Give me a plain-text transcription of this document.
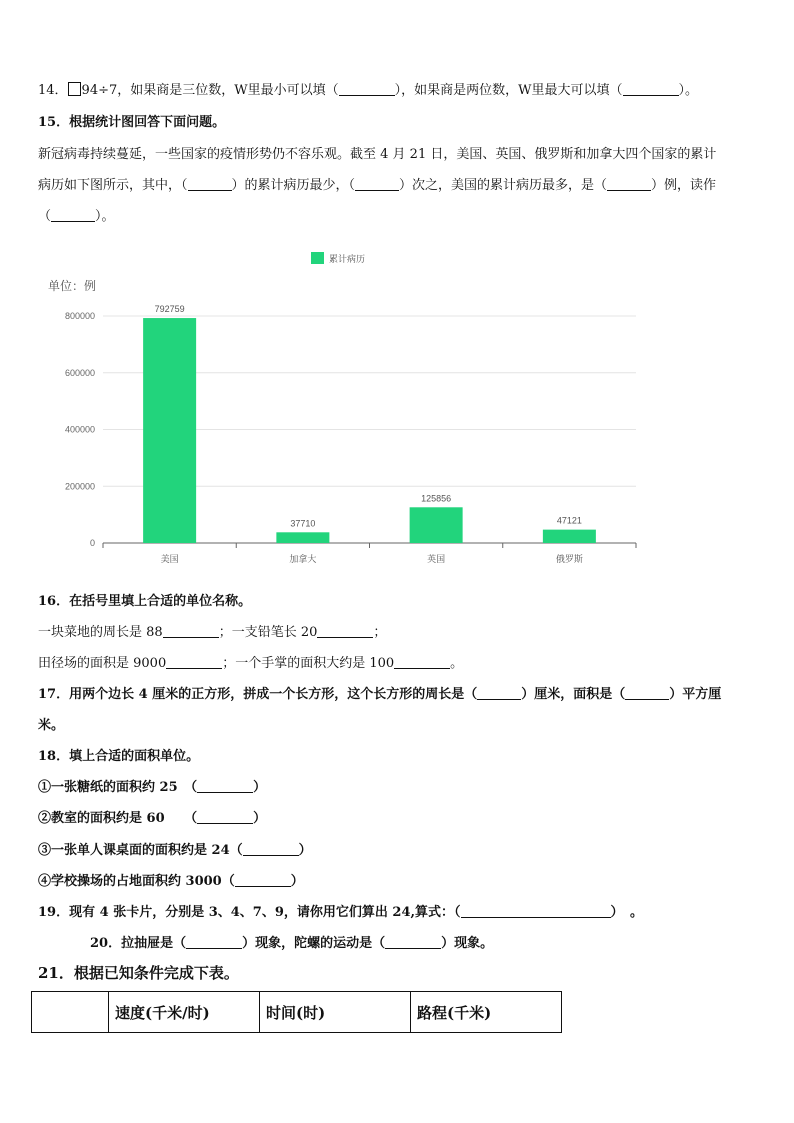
14． 94÷7，如果商是三位数，W里最小可以填（	），如果商是两位数，W里最大可以填（	）。
15．根据统计图回答下面问题。
新冠病毒持续蔓延，一些国家的疫情形势仍不容乐观。截至 4 月 21 日，美国、英国、俄罗斯和加拿大四个国家的累计
病历如下图所示，其中，（	）的累计病历最少，（	）次之，美国的累计病历最多，是（	）例，读作
（	）。
累计病历
单位：例
0
200000
400000
600000
800000
792759
美国
37710
加拿大
125856
英国
47121
俄罗斯
16．在括号里填上合适的单位名称。
一块菜地的周长是 88	；一支铅笔长 20	；
田径场的面积是 9000	；一个手掌的面积大约是 100	。
17．用两个边长 4 厘米的正方形，拼成一个长方形，这个长方形的周长是（	）厘米，面积是（	）平方厘
米。
18．填上合适的面积单位。
①一张糖纸的面积约 25　（	）
②教室的面积约是 60　　（	）
③一张单人课桌面的面积约是 24（	）
④学校操场的占地面积约 3000（	）
19．现有 4 张卡片，分别是 3、4、7、9，请你用它们算出 24,算式：（	）　。
20．拉抽屉是（	）现象，陀螺的运动是（	）现象。
21．根据已知条件完成下表。
	速度(千米/时)	时间(时)	路程(千米)
